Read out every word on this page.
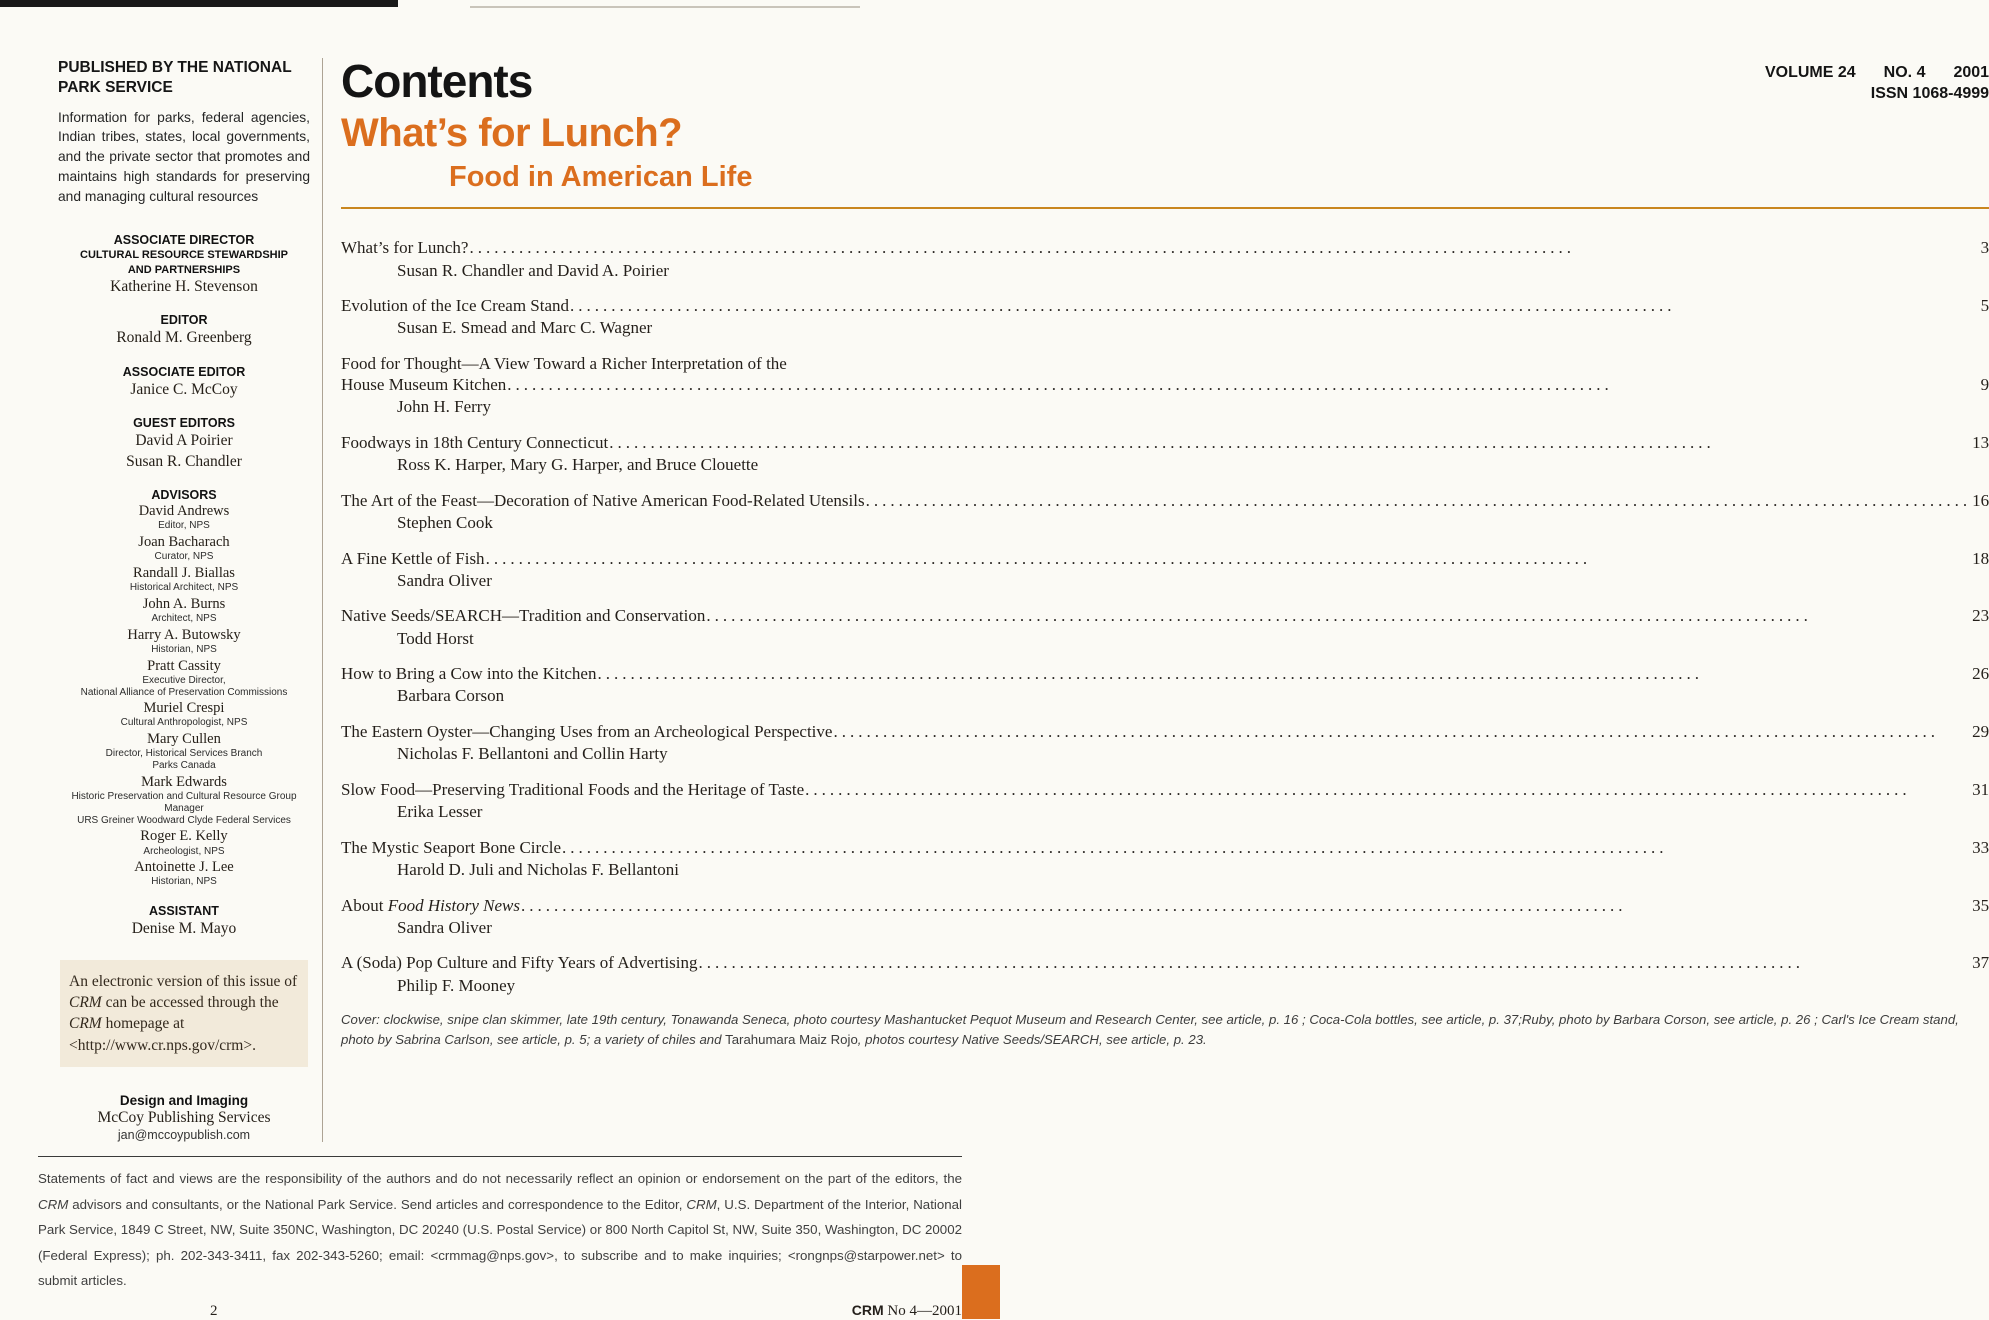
PUBLISHED BY THE NATIONAL PARK SERVICE
Information for parks, federal agencies, Indian tribes, states, local governments, and the private sector that promotes and maintains high standards for preserving and managing cultural resources
ASSOCIATE DIRECTOR
CULTURAL RESOURCE STEWARDSHIP
AND PARTNERSHIPS
Katherine H. Stevenson
EDITOR
Ronald M. Greenberg
ASSOCIATE EDITOR
Janice C. McCoy
GUEST EDITORS
David A Poirier
Susan R. Chandler
ADVISORS
David Andrews
Editor, NPS
Joan Bacharach
Curator, NPS
Randall J. Biallas
Historical Architect, NPS
John A. Burns
Architect, NPS
Harry A. Butowsky
Historian, NPS
Pratt Cassity
Executive Director,
National Alliance of Preservation Commissions
Muriel Crespi
Cultural Anthropologist, NPS
Mary Cullen
Director, Historical Services Branch
Parks Canada
Mark Edwards
Historic Preservation and Cultural Resource Group Manager
URS Greiner Woodward Clyde Federal Services
Roger E. Kelly
Archeologist, NPS
Antoinette J. Lee
Historian, NPS
ASSISTANT
Denise M. Mayo
An electronic version of this issue of CRM can be accessed through the CRM homepage at <http://www.cr.nps.gov/crm>.
Design and Imaging
McCoy Publishing Services
jan@mccoypublish.com
Contents	VOLUME 24 NO. 4 2001
ISSN 1068-4999
What’s for Lunch?
Food in American Life
What’s for Lunch? .....	3
Susan R. Chandler and David A. Poirier
Evolution of the Ice Cream Stand .....	5
Susan E. Smead and Marc C. Wagner
Food for Thought—A View Toward a Richer Interpretation of the
House Museum Kitchen .....	9
John H. Ferry
Foodways in 18th Century Connecticut .....	13
Ross K. Harper, Mary G. Harper, and Bruce Clouette
The Art of the Feast—Decoration of Native American Food-Related Utensils .....	16
Stephen Cook
A Fine Kettle of Fish .....	18
Sandra Oliver
Native Seeds/SEARCH—Tradition and Conservation .....	23
Todd Horst
How to Bring a Cow into the Kitchen .....	26
Barbara Corson
The Eastern Oyster—Changing Uses from an Archeological Perspective .....	29
Nicholas F. Bellantoni and Collin Harty
Slow Food—Preserving Traditional Foods and the Heritage of Taste .....	31
Erika Lesser
The Mystic Seaport Bone Circle .....	33
Harold D. Juli and Nicholas F. Bellantoni
About Food History News .....	35
Sandra Oliver
A (Soda) Pop Culture and Fifty Years of Advertising .....	37
Philip F. Mooney
Cover: clockwise, snipe clan skimmer, late 19th century, Tonawanda Seneca, photo courtesy Mashantucket Pequot Museum and Research Center, see article, p. 16 ; Coca-Cola bottles, see article, p. 37;Ruby, photo by Barbara Corson, see article, p. 26 ; Carl's Ice Cream stand, photo by Sabrina Carlson, see article, p. 5; a variety of chiles and Tarahumara Maiz Rojo, photos courtesy Native Seeds/SEARCH, see article, p. 23.
Statements of fact and views are the responsibility of the authors and do not necessarily reflect an opinion or endorsement on the part of the editors, the CRM advisors and consultants, or the National Park Service. Send articles and correspondence to the Editor, CRM, U.S. Department of the Interior, National Park Service, 1849 C Street, NW, Suite 350NC, Washington, DC 20240 (U.S. Postal Service) or 800 North Capitol St, NW, Suite 350, Washington, DC 20002 (Federal Express); ph. 202-343-3411, fax 202-343-5260; email: <crmmag@nps.gov>, to subscribe and to make inquiries; <rongnps@starpower.net> to submit articles.
2	CRM No 4—2001
